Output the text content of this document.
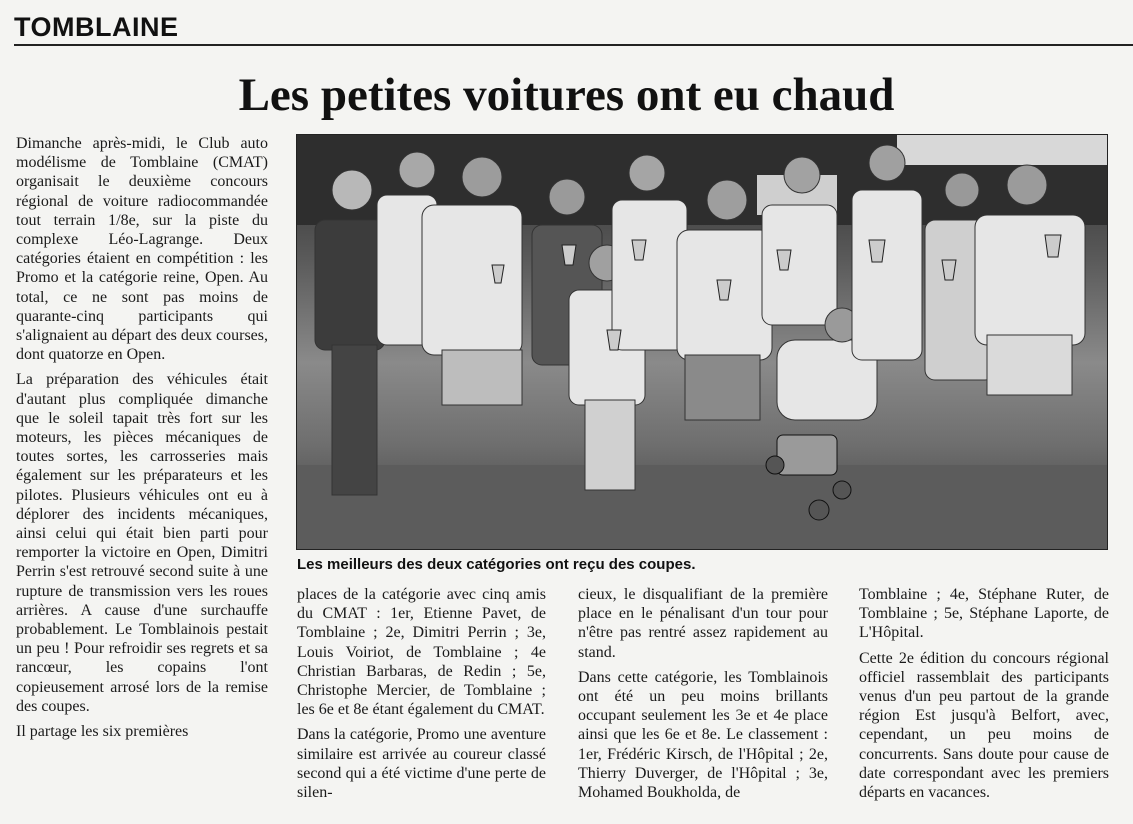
TOMBLAINE
Les petites voitures ont eu chaud

Dimanche après-midi, le Club auto modélisme de Tomblaine (CMAT) organisait le deuxième concours régional de voiture radiocommandée tout terrain 1/8e, sur la piste du complexe Léo-Lagrange. Deux catégories étaient en compétition : les Promo et la catégorie reine, Open. Au total, ce ne sont pas moins de quarante-cinq participants qui s'alignaient au départ des deux courses, dont quatorze en Open.

La préparation des véhicules était d'autant plus compliquée dimanche que le soleil tapait très fort sur les moteurs, les pièces mécaniques de toutes sortes, les carrosseries mais également sur les préparateurs et les pilotes. Plusieurs véhicules ont eu à déplorer des incidents mécaniques, ainsi celui qui était bien parti pour remporter la victoire en Open, Dimitri Perrin s'est retrouvé second suite à une rupture de transmission vers les roues arrières. A cause d'une surchauffe probablement. Le Tomblainois pestait un peu ! Pour refroidir ses regrets et sa rancœur, les copains l'ont copieusement arrosé lors de la remise des coupes.

Il partage les six premières

Les meilleurs des deux catégories ont reçu des coupes.

places de la catégorie avec cinq amis du CMAT : 1er, Etienne Pavet, de Tomblaine ; 2e, Dimitri Perrin ; 3e, Louis Voiriot, de Tomblaine ; 4e Christian Barbaras, de Redin ; 5e, Christophe Mercier, de Tomblaine ; les 6e et 8e étant également du CMAT.

Dans la catégorie, Promo une aventure similaire est arrivée au coureur classé second qui a été victime d'une perte de silen-

cieux, le disqualifiant de la première place en le pénalisant d'un tour pour n'être pas rentré assez rapidement au stand.

Dans cette catégorie, les Tomblainois ont été un peu moins brillants occupant seulement les 3e et 4e place ainsi que les 6e et 8e. Le classement : 1er, Frédéric Kirsch, de l'Hôpital ; 2e, Thierry Duverger, de l'Hôpital ; 3e, Mohamed Boukholda, de

Tomblaine ; 4e, Stéphane Ruter, de Tomblaine ; 5e, Stéphane Laporte, de L'Hôpital.

Cette 2e édition du concours régional officiel rassemblait des participants venus d'un peu partout de la grande région Est jusqu'à Belfort, avec, cependant, un peu moins de concurrents. Sans doute pour cause de date correspondant avec les premiers départs en vacances.
